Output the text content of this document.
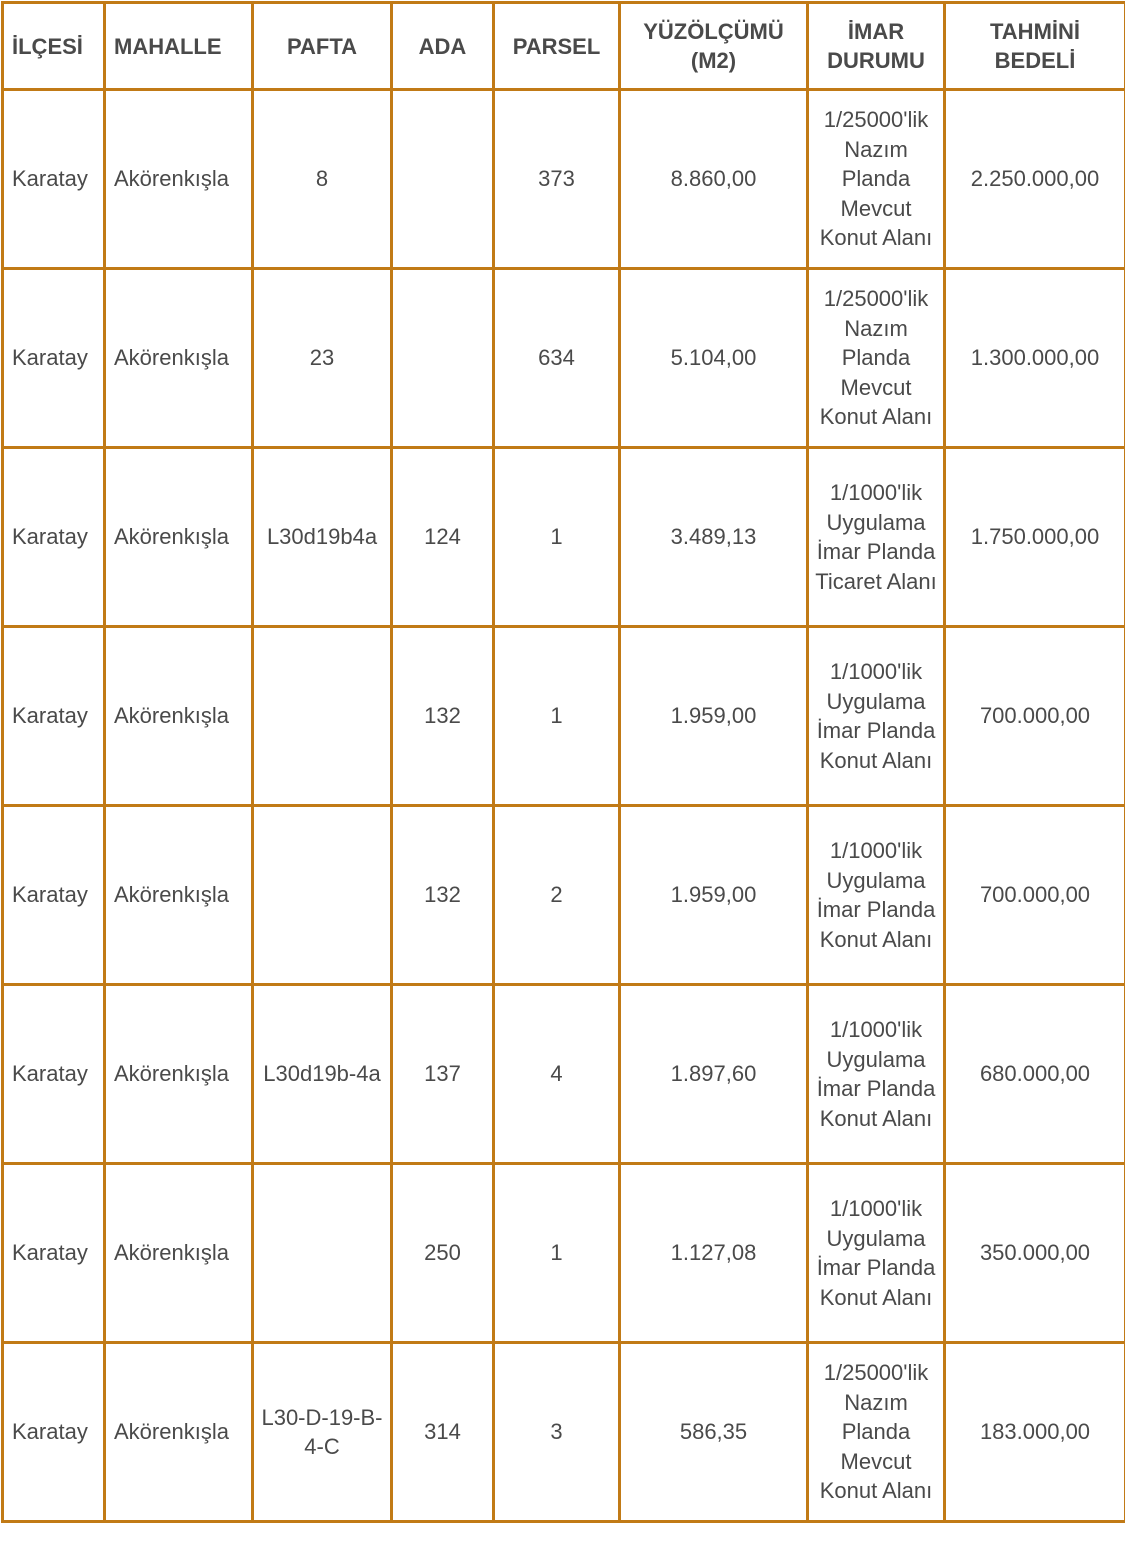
İLÇESİ	MAHALLE	PAFTA	ADA	PARSEL	YÜZÖLÇÜMÜ (M2)	İMAR DURUMU	TAHMİNİ BEDELİ
Karatay	Akörenkışla	8		373	8.860,00	1/25000'lik Nazım Planda Mevcut Konut Alanı	2.250.000,00
Karatay	Akörenkışla	23		634	5.104,00	1/25000'lik Nazım Planda Mevcut Konut Alanı	1.300.000,00
Karatay	Akörenkışla	L30d19b4a	124	1	3.489,13	1/1000'lik Uygulama İmar Planda Ticaret Alanı	1.750.000,00
Karatay	Akörenkışla		132	1	1.959,00	1/1000'lik Uygulama İmar Planda Konut Alanı	700.000,00
Karatay	Akörenkışla		132	2	1.959,00	1/1000'lik Uygulama İmar Planda Konut Alanı	700.000,00
Karatay	Akörenkışla	L30d19b-4a	137	4	1.897,60	1/1000'lik Uygulama İmar Planda Konut Alanı	680.000,00
Karatay	Akörenkışla		250	1	1.127,08	1/1000'lik Uygulama İmar Planda Konut Alanı	350.000,00
Karatay	Akörenkışla	L30-D-19-B-4-C	314	3	586,35	1/25000'lik Nazım Planda Mevcut Konut Alanı	183.000,00
